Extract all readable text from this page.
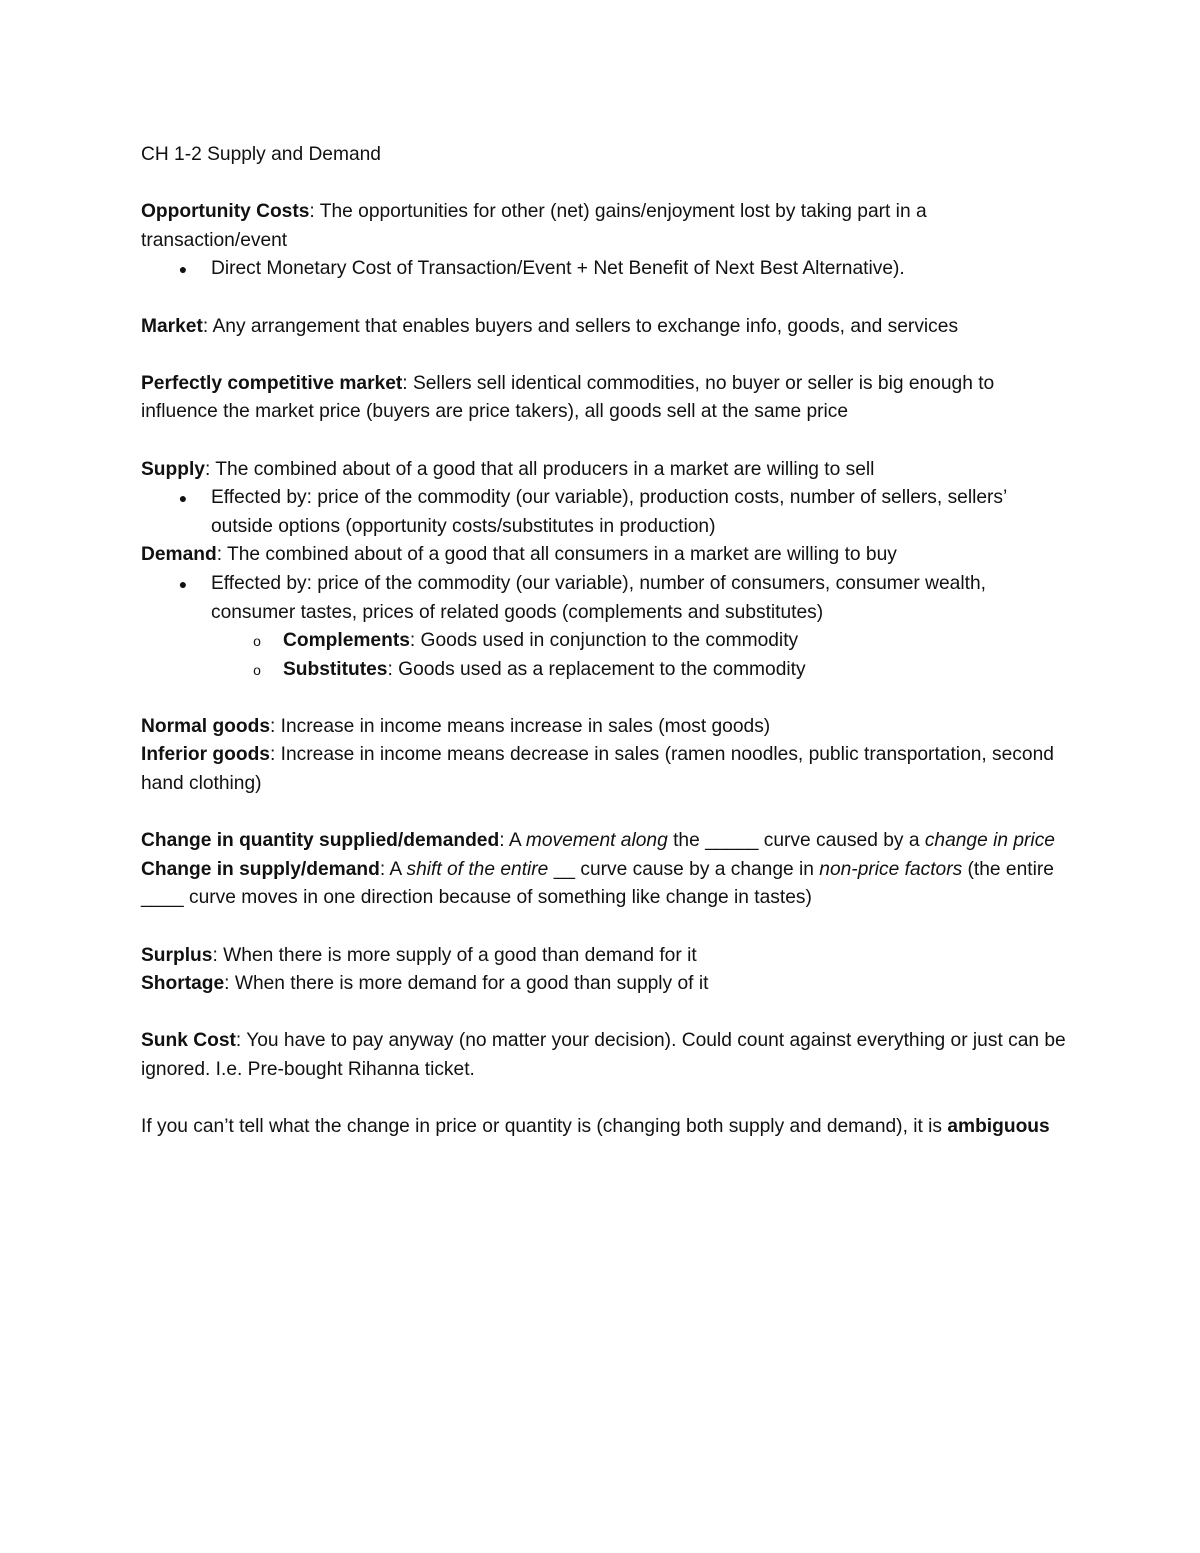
CH 1-2 Supply and Demand

Opportunity Costs: The opportunities for other (net) gains/enjoyment lost by taking part in a transaction/event

●	Direct Monetary Cost of Transaction/Event + Net Benefit of Next Best Alternative).

Market: Any arrangement that enables buyers and sellers to exchange info, goods, and services

Perfectly competitive market: Sellers sell identical commodities, no buyer or seller is big enough to influence the market price (buyers are price takers), all goods sell at the same price

Supply: The combined about of a good that all producers in a market are willing to sell

●	Effected by: price of the commodity (our variable), production costs, number of sellers, sellers’ outside options (opportunity costs/substitutes in production)

Demand: The combined about of a good that all consumers in a market are willing to buy

●	Effected by: price of the commodity (our variable), number of consumers, consumer wealth, consumer tastes, prices of related goods (complements and substitutes)
o	Complements: Goods used in conjunction to the commodity
o	Substitutes: Goods used as a replacement to the commodity

Normal goods: Increase in income means increase in sales (most goods)

Inferior goods: Increase in income means decrease in sales (ramen noodles, public transportation, second hand clothing)

Change in quantity supplied/demanded: A movement along the _____ curve caused by a change in price

Change in supply/demand: A shift of the entire __ curve cause by a change in non-price factors (the entire ____ curve moves in one direction because of something like change in tastes)

Surplus: When there is more supply of a good than demand for it

Shortage: When there is more demand for a good than supply of it

Sunk Cost: You have to pay anyway (no matter your decision). Could count against everything or just can be ignored. I.e. Pre-bought Rihanna ticket.

If you can’t tell what the change in price or quantity is (changing both supply and demand), it is ambiguous
